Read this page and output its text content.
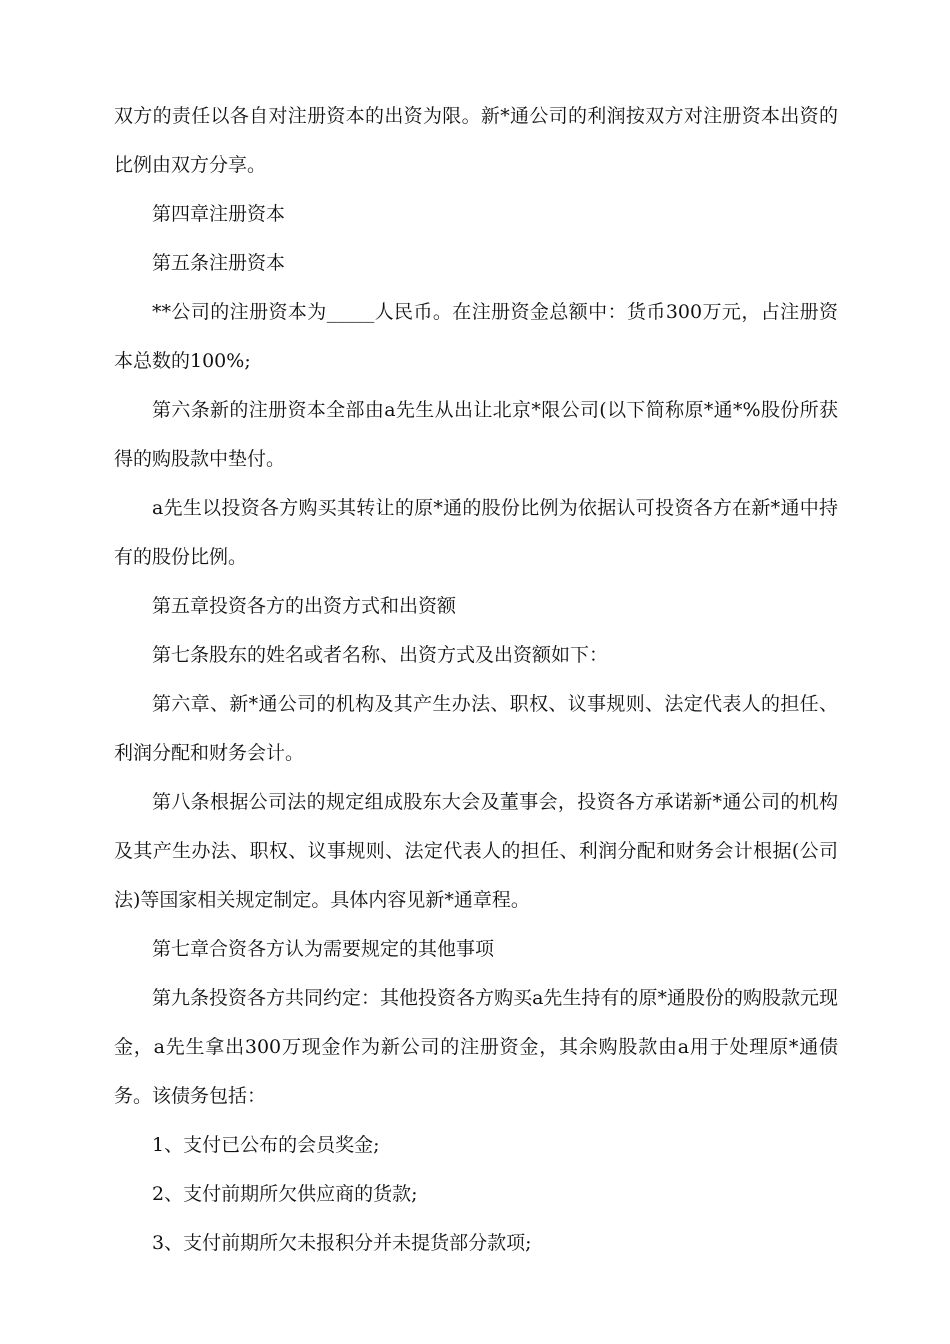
双方的责任以各自对注册资本的出资为限。新*通公司的利润按双方对注册资本出资的比例由双方分享。

第四章注册资本

第五条注册资本

**公司的注册资本为_____人民币。在注册资金总额中：货币300万元，占注册资本总数的100%;

第六条新的注册资本全部由a先生从出让北京*限公司(以下简称原*通*%股份所获得的购股款中垫付。

a先生以投资各方购买其转让的原*通的股份比例为依据认可投资各方在新*通中持有的股份比例。

第五章投资各方的出资方式和出资额

第七条股东的姓名或者名称、出资方式及出资额如下：

第六章、新*通公司的机构及其产生办法、职权、议事规则、法定代表人的担任、利润分配和财务会计。

第八条根据公司法的规定组成股东大会及董事会，投资各方承诺新*通公司的机构及其产生办法、职权、议事规则、法定代表人的担任、利润分配和财务会计根据(公司法)等国家相关规定制定。具体内容见新*通章程。

第七章合资各方认为需要规定的其他事项

第九条投资各方共同约定：其他投资各方购买a先生持有的原*通股份的购股款元现金，a先生拿出300万现金作为新公司的注册资金，其余购股款由a用于处理原*通债务。该债务包括：

1、支付已公布的会员奖金;

2、支付前期所欠供应商的货款;

3、支付前期所欠未报积分并未提货部分款项;
